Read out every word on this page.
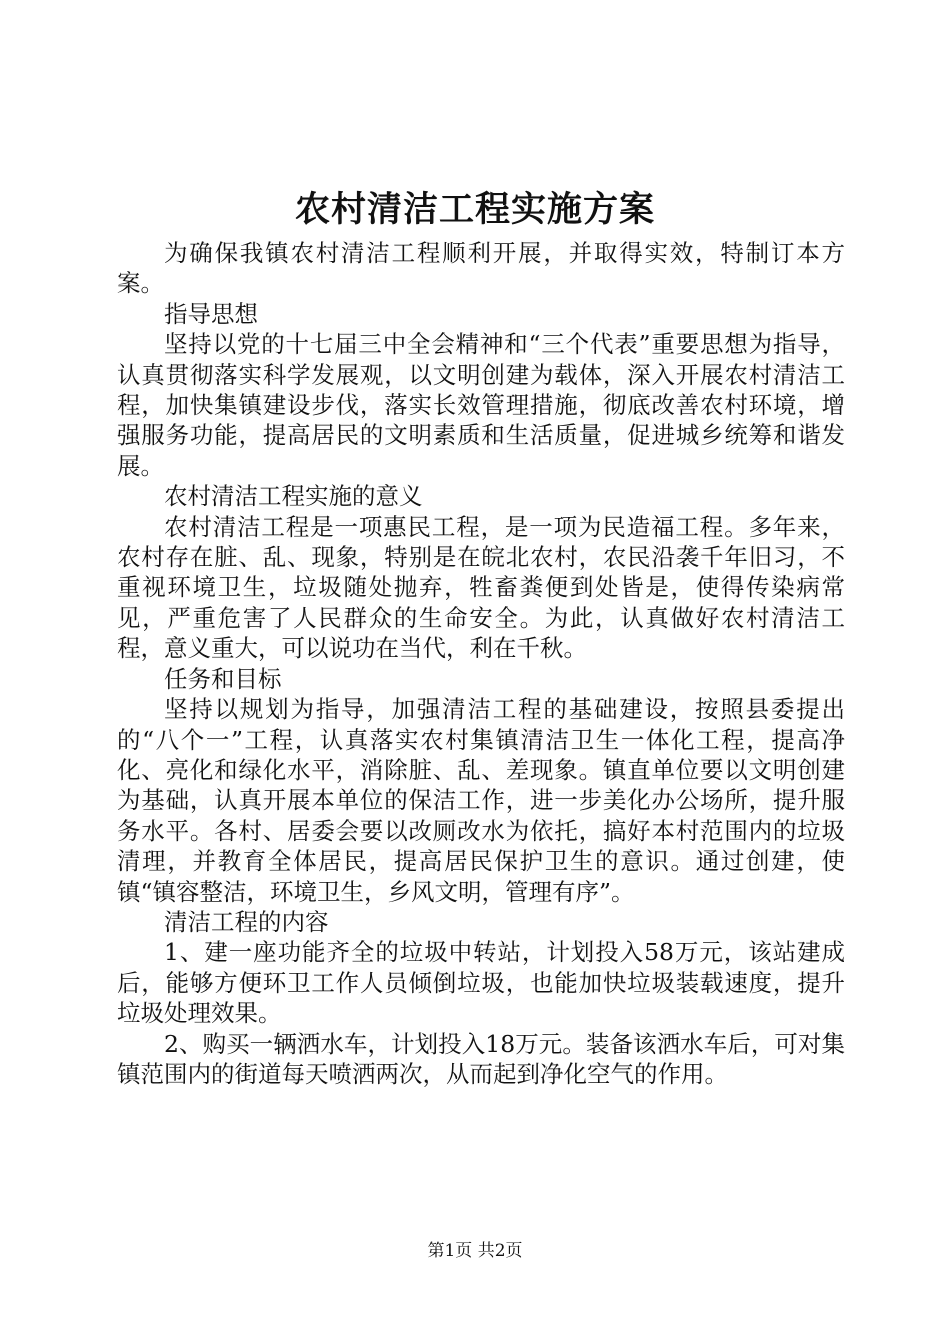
农村清洁工程实施方案

为确保我镇农村清洁工程顺利开展，并取得实效，特制订本方案。

指导思想

坚持以党的十七届三中全会精神和“三个代表”重要思想为指导，认真贯彻落实科学发展观，以文明创建为载体，深入开展农村清洁工程，加快集镇建设步伐，落实长效管理措施，彻底改善农村环境，增强服务功能，提高居民的文明素质和生活质量，促进城乡统筹和谐发展。

农村清洁工程实施的意义

农村清洁工程是一项惠民工程，是一项为民造福工程。多年来，农村存在脏、乱、现象，特别是在皖北农村，农民沿袭千年旧习，不重视环境卫生，垃圾随处抛弃，牲畜粪便到处皆是，使得传染病常见，严重危害了人民群众的生命安全。为此，认真做好农村清洁工程，意义重大，可以说功在当代，利在千秋。

任务和目标

坚持以规划为指导，加强清洁工程的基础建设，按照县委提出的“八个一”工程，认真落实农村集镇清洁卫生一体化工程，提高净化、亮化和绿化水平，消除脏、乱、差现象。镇直单位要以文明创建为基础，认真开展本单位的保洁工作，进一步美化办公场所，提升服务水平。各村、居委会要以改厕改水为依托，搞好本村范围内的垃圾清理，并教育全体居民，提高居民保护卫生的意识。通过创建，使镇“镇容整洁，环境卫生，乡风文明，管理有序”。

清洁工程的内容

1、建一座功能齐全的垃圾中转站，计划投入58万元，该站建成后，能够方便环卫工作人员倾倒垃圾，也能加快垃圾装载速度，提升垃圾处理效果。

2、购买一辆洒水车，计划投入18万元。装备该洒水车后，可对集镇范围内的街道每天喷洒两次，从而起到净化空气的作用。

第1页 共2页
